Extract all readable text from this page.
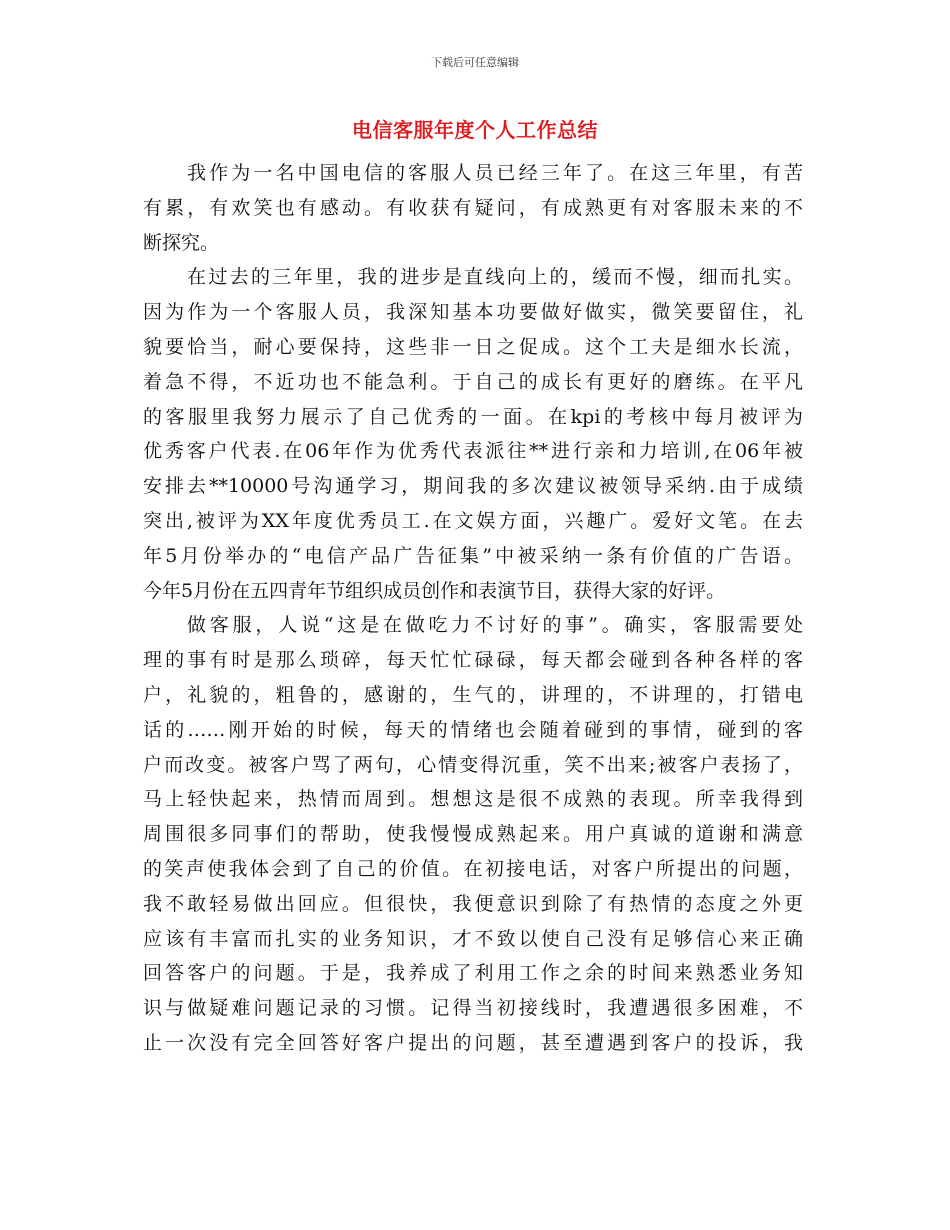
下载后可任意编辑
电信客服年度个人工作总结
我作为一名中国电信的客服人员已经三年了。在这三年里，有苦
有累，有欢笑也有感动。有收获有疑问，有成熟更有对客服未来的不
断探究。
在过去的三年里，我的进步是直线向上的，缓而不慢，细而扎实。
因为作为一个客服人员，我深知基本功要做好做实，微笑要留住，礼
貌要恰当，耐心要保持，这些非一日之促成。这个工夫是细水长流，
着急不得，不近功也不能急利。于自己的成长有更好的磨练。在平凡
的客服里我努力展示了自己优秀的一面。在kpi的考核中每月被评为
优秀客户代表.在06年作为优秀代表派往**进行亲和力培训,在06年被
安排去**10000号沟通学习，期间我的多次建议被领导采纳.由于成绩
突出,被评为XX年度优秀员工.在文娱方面，兴趣广。爱好文笔。在去
年5月份举办的“电信产品广告征集”中被采纳一条有价值的广告语。
今年5月份在五四青年节组织成员创作和表演节目，获得大家的好评。
做客服，人说“这是在做吃力不讨好的事”。确实，客服需要处
理的事有时是那么琐碎，每天忙忙碌碌，每天都会碰到各种各样的客
户，礼貌的，粗鲁的，感谢的，生气的，讲理的，不讲理的，打错电
话的……刚开始的时候，每天的情绪也会随着碰到的事情，碰到的客
户而改变。被客户骂了两句，心情变得沉重，笑不出来;被客户表扬了，
马上轻快起来，热情而周到。想想这是很不成熟的表现。所幸我得到
周围很多同事们的帮助，使我慢慢成熟起来。用户真诚的道谢和满意
的笑声使我体会到了自己的价值。在初接电话，对客户所提出的问题，
我不敢轻易做出回应。但很快，我便意识到除了有热情的态度之外更
应该有丰富而扎实的业务知识，才不致以使自己没有足够信心来正确
回答客户的问题。于是，我养成了利用工作之余的时间来熟悉业务知
识与做疑难问题记录的习惯。记得当初接线时，我遭遇很多困难，不
止一次没有完全回答好客户提出的问题，甚至遭遇到客户的投诉，我
